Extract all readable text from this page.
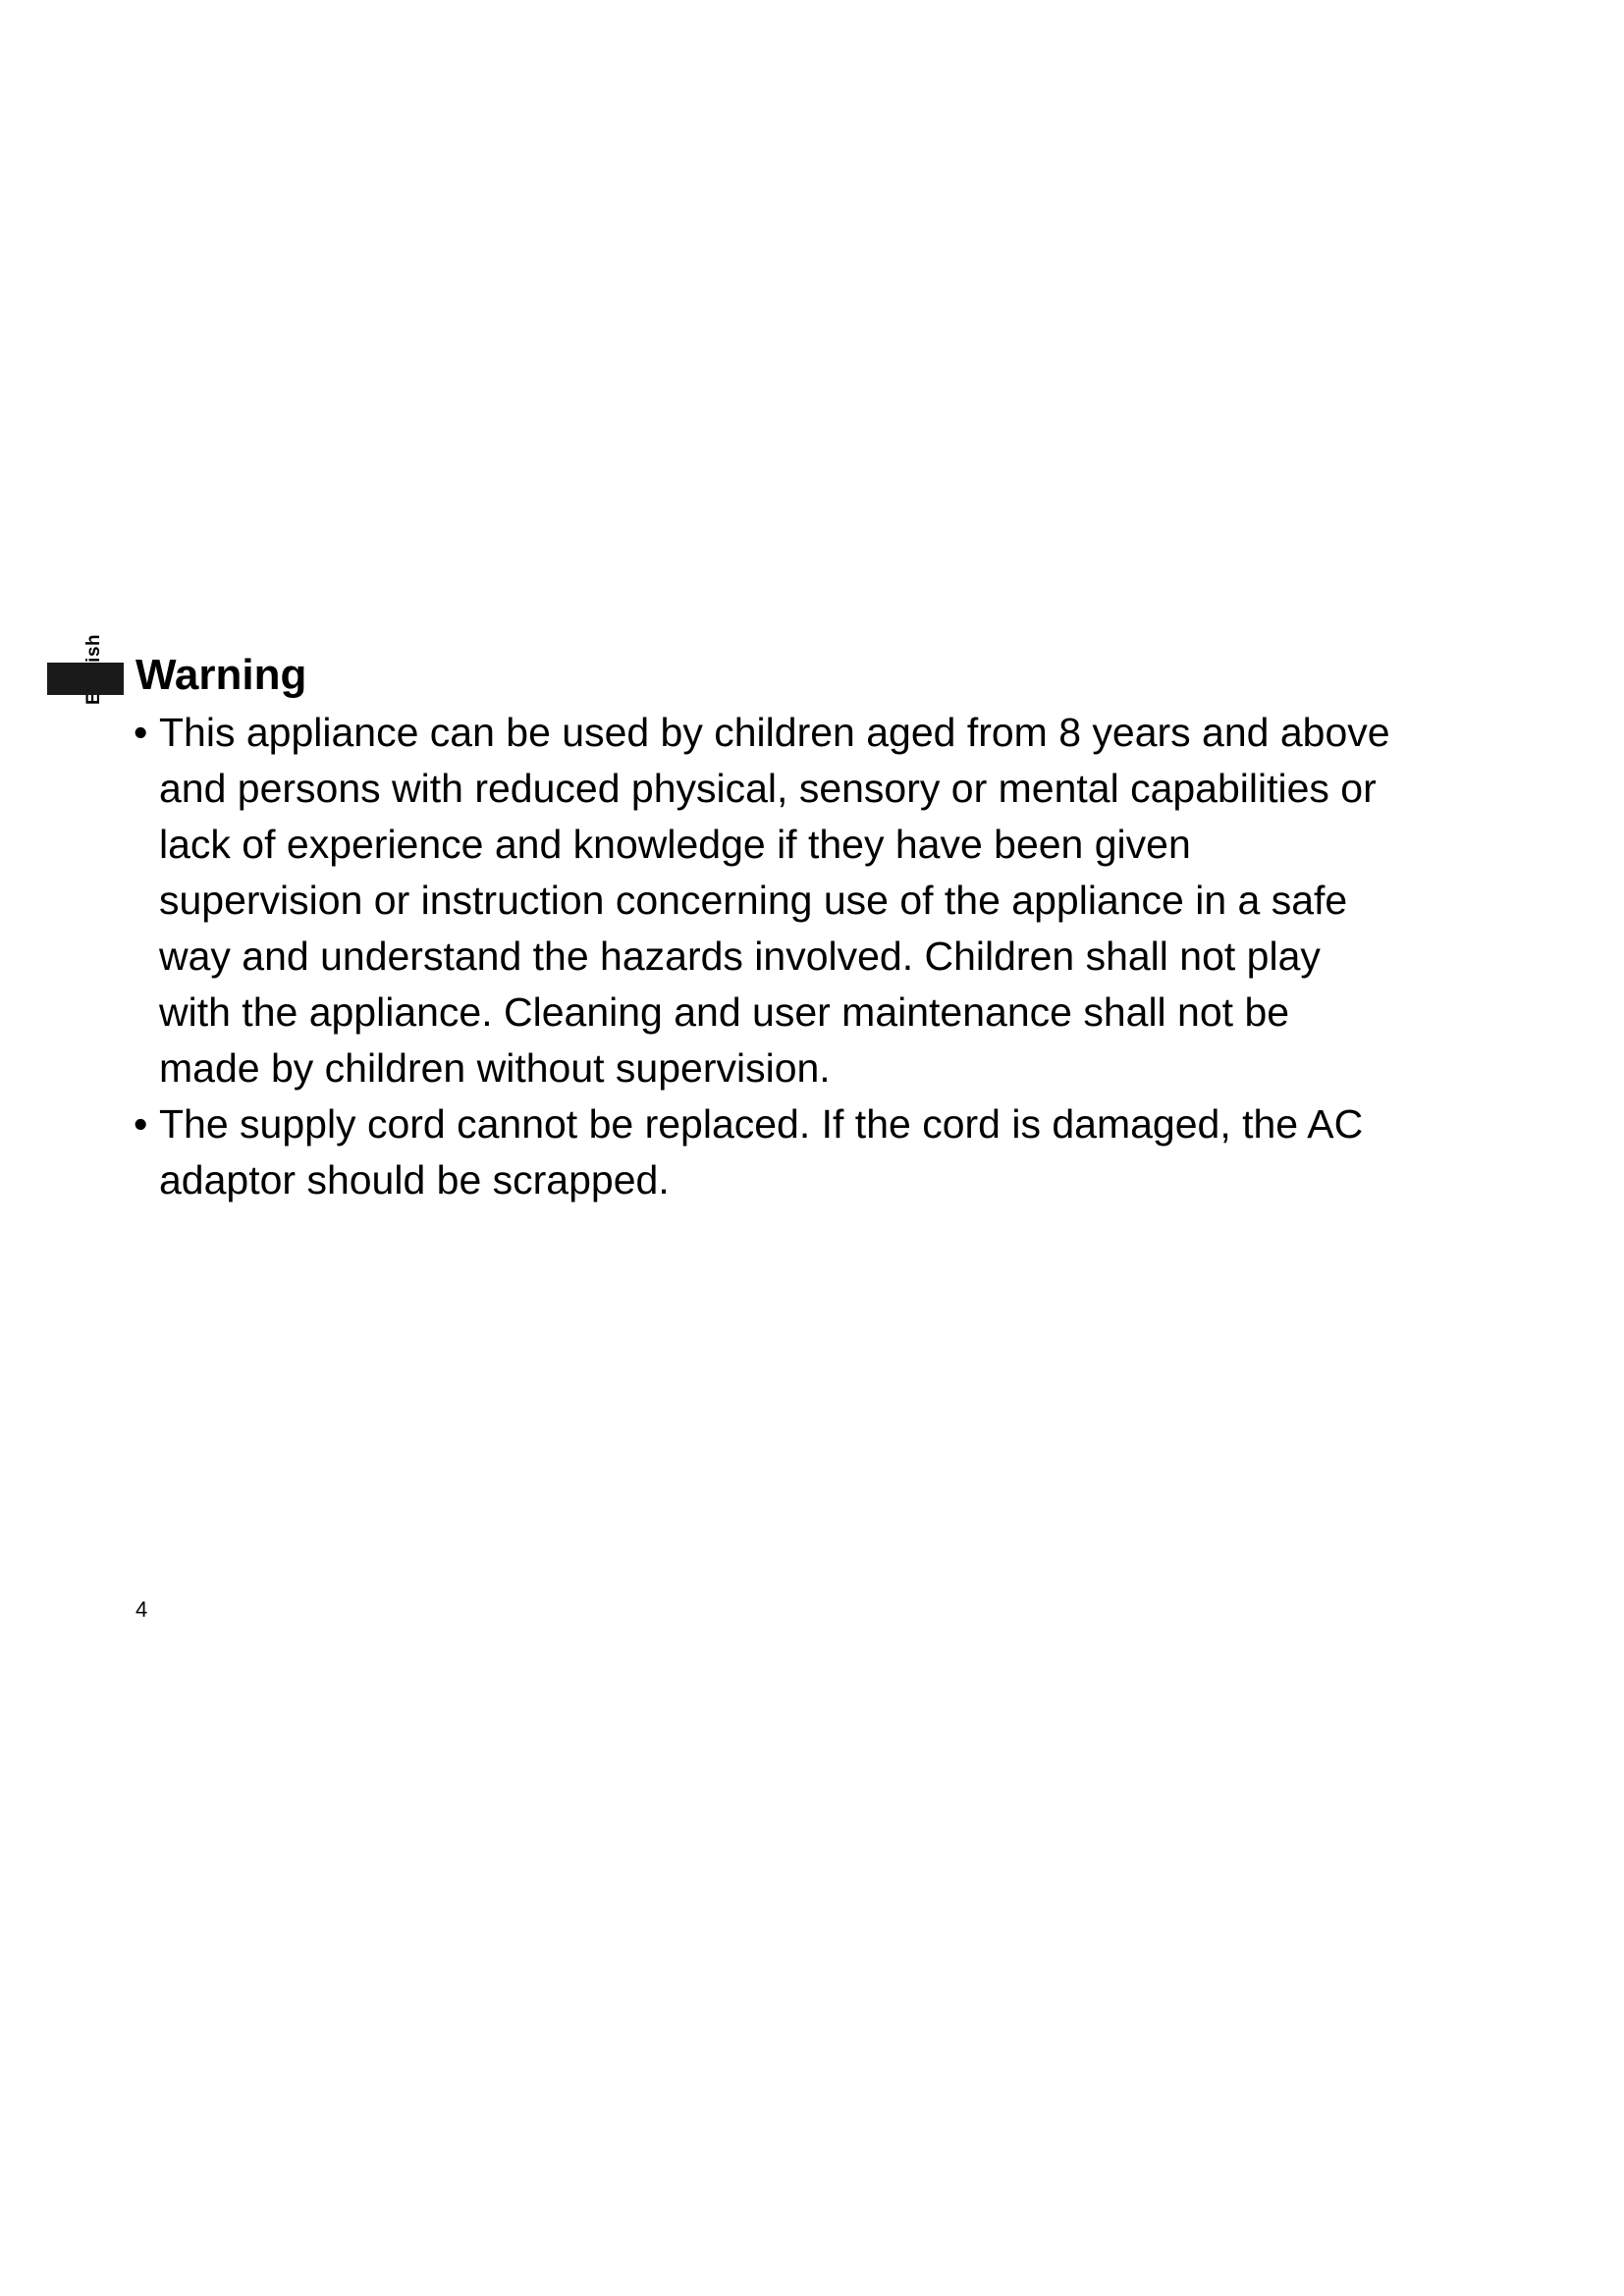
Warning
• This appliance can be used by children aged from 8 years and above and persons with reduced physical, sensory or mental capabilities or lack of experience and knowledge if they have been given supervision or instruction concerning use of the appliance in a safe way and understand the hazards involved. Children shall not play with the appliance. Cleaning and user maintenance shall not be made by children without supervision.
• The supply cord cannot be replaced. If the cord is damaged, the AC adaptor should be scrapped.
4
